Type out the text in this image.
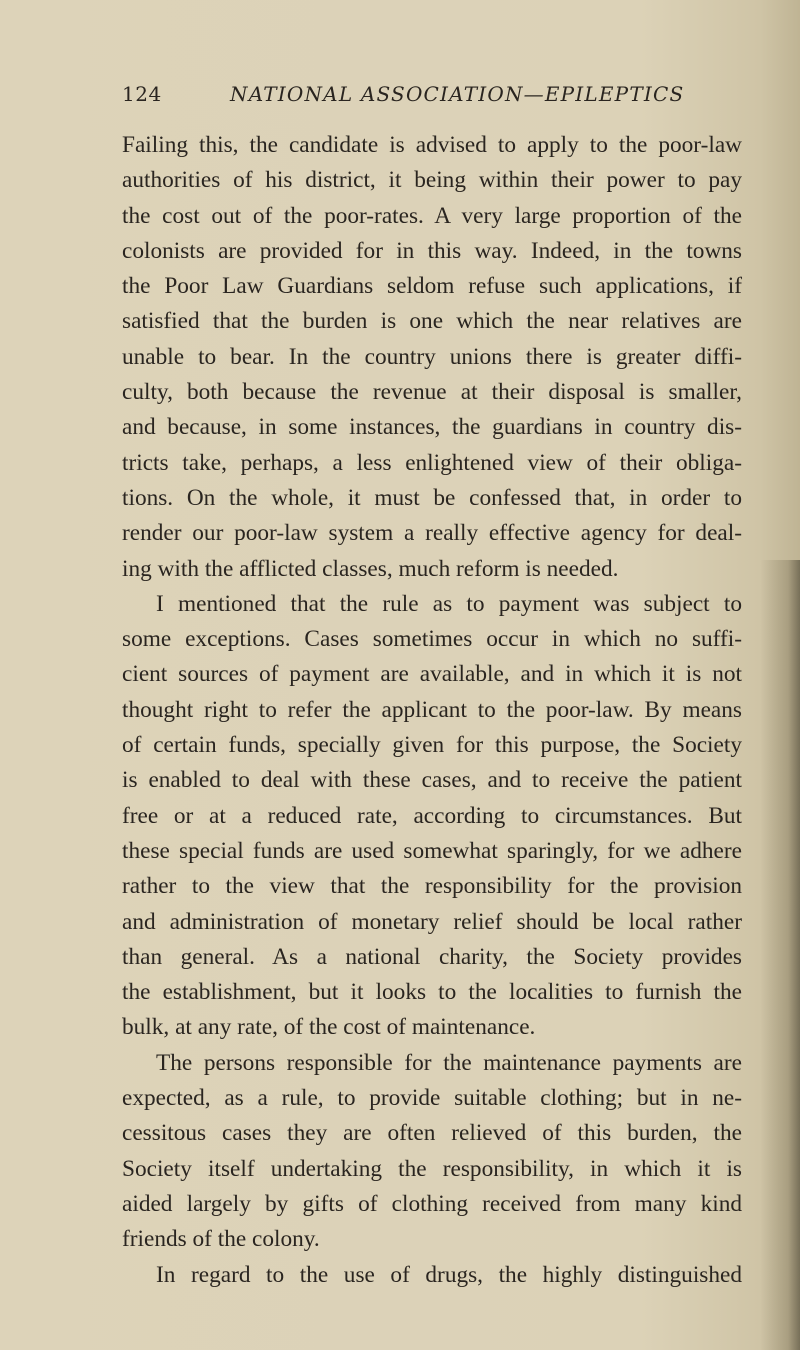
124	NATIONAL ASSOCIATION—EPILEPTICS
Failing this, the candidate is advised to apply to the poor-law
authorities of his district, it being within their power to pay
the cost out of the poor-rates. A very large proportion of the
colonists are provided for in this way. Indeed, in the towns
the Poor Law Guardians seldom refuse such applications, if
satisfied that the burden is one which the near relatives are
unable to bear. In the country unions there is greater diffi-
culty, both because the revenue at their disposal is smaller,
and because, in some instances, the guardians in country dis-
tricts take, perhaps, a less enlightened view of their obliga-
tions. On the whole, it must be confessed that, in order to
render our poor-law system a really effective agency for deal-
ing with the afflicted classes, much reform is needed.
I mentioned that the rule as to payment was subject to
some exceptions. Cases sometimes occur in which no suffi-
cient sources of payment are available, and in which it is not
thought right to refer the applicant to the poor-law. By means
of certain funds, specially given for this purpose, the Society
is enabled to deal with these cases, and to receive the patient
free or at a reduced rate, according to circumstances. But
these special funds are used somewhat sparingly, for we adhere
rather to the view that the responsibility for the provision
and administration of monetary relief should be local rather
than general. As a national charity, the Society provides
the establishment, but it looks to the localities to furnish the
bulk, at any rate, of the cost of maintenance.
The persons responsible for the maintenance payments are
expected, as a rule, to provide suitable clothing; but in ne-
cessitous cases they are often relieved of this burden, the
Society itself undertaking the responsibility, in which it is
aided largely by gifts of clothing received from many kind
friends of the colony.
In regard to the use of drugs, the highly distinguished
